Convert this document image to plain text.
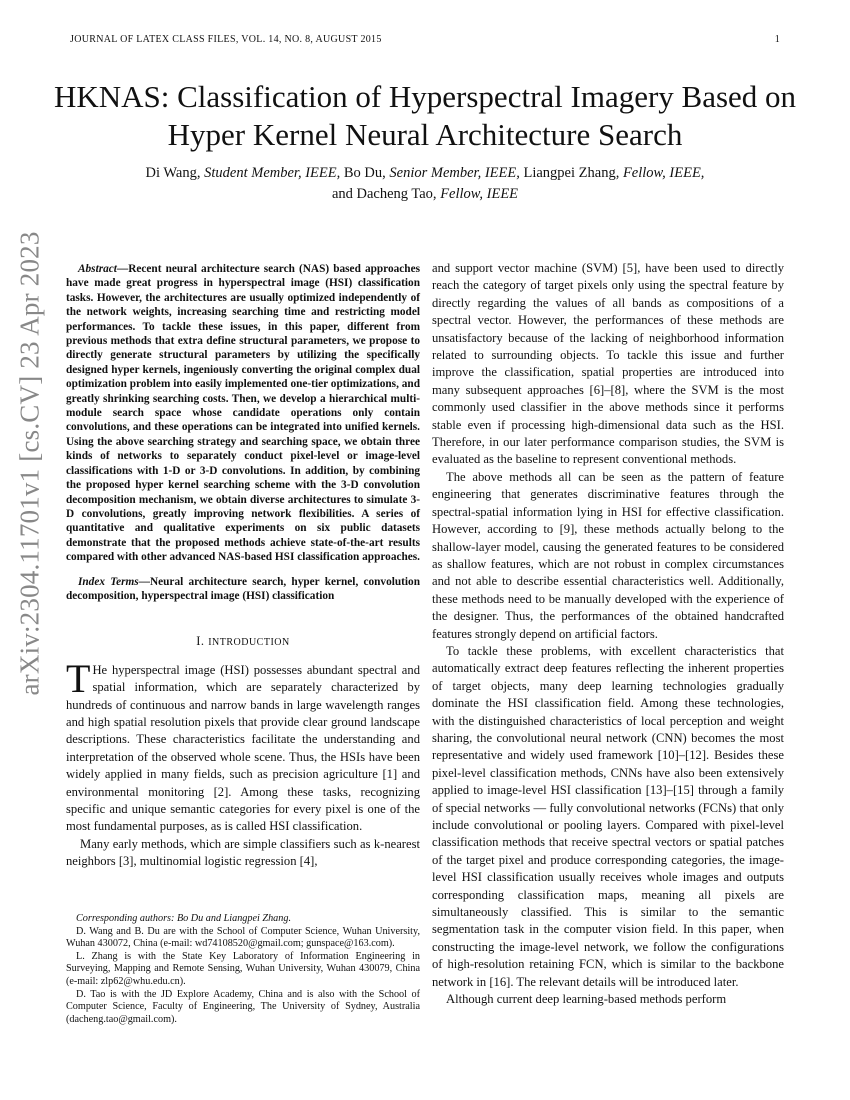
JOURNAL OF LATEX CLASS FILES, VOL. 14, NO. 8, AUGUST 2015	1
HKNAS: Classification of Hyperspectral Imagery Based on Hyper Kernel Neural Architecture Search
Di Wang, Student Member, IEEE, Bo Du, Senior Member, IEEE, Liangpei Zhang, Fellow, IEEE,
and Dacheng Tao, Fellow, IEEE
arXiv:2304.11701v1 [cs.CV] 23 Apr 2023	Abstract—Recent neural architecture search (NAS) based approaches have made great progress in hyperspectral image (HSI) classification tasks. However, the architectures are usually optimized independently of the network weights, increasing searching time and restricting model performances. To tackle these issues, in this paper, different from previous methods that extra define structural parameters, we propose to directly generate structural parameters by utilizing the specifically designed hyper kernels, ingeniously converting the original complex dual optimization problem into easily implemented one-tier optimizations, and greatly shrinking searching costs. Then, we develop a hierarchical multi-module search space whose candidate operations only contain convolutions, and these operations can be integrated into unified kernels. Using the above searching strategy and searching space, we obtain three kinds of networks to separately conduct pixel-level or image-level classifications with 1-D or 3-D convolutions. In addition, by combining the proposed hyper kernel searching scheme with the 3-D convolution decomposition mechanism, we obtain diverse architectures to simulate 3-D convolutions, greatly improving network flexibilities. A series of quantitative and qualitative experiments on six public datasets demonstrate that the proposed methods achieve state-of-the-art results compared with other advanced NAS-based HSI classification approaches.

Index Terms—Neural architecture search, hyper kernel, convolution decomposition, hyperspectral image (HSI) classification

I. INTRODUCTION

T He hyperspectral image (HSI) possesses abundant spectral and spatial information, which are separately characterized by hundreds of continuous and narrow bands in large wavelength ranges and high spatial resolution pixels that provide clear ground landscape descriptions. These characteristics facilitate the understanding and interpretation of the observed whole scene. Thus, the HSIs have been widely applied in many fields, such as precision agriculture [1] and environmental monitoring [2]. Among these tasks, recognizing specific and unique semantic categories for every pixel is one of the most fundamental purposes, as is called HSI classification.

Many early methods, which are simple classifiers such as k-nearest neighbors [3], multinomial logistic regression [4],

Corresponding authors: Bo Du and Liangpei Zhang.

D. Wang and B. Du are with the School of Computer Science, Wuhan University, Wuhan 430072, China (e-mail: wd74108520@gmail.com; gunspace@163.com).

L. Zhang is with the State Key Laboratory of Information Engineering in Surveying, Mapping and Remote Sensing, Wuhan University, Wuhan 430079, China (e-mail: zlp62@whu.edu.cn).

D. Tao is with the JD Explore Academy, China and is also with the School of Computer Science, Faculty of Engineering, The University of Sydney, Australia (dacheng.tao@gmail.com).

and support vector machine (SVM) [5], have been used to directly reach the category of target pixels only using the spectral feature by directly regarding the values of all bands as compositions of a spectral vector. However, the performances of these methods are unsatisfactory because of the lacking of neighborhood information related to surrounding objects. To tackle this issue and further improve the classification, spatial properties are introduced into many subsequent approaches [6]–[8], where the SVM is the most commonly used classifier in the above methods since it performs stable even if processing high-dimensional data such as the HSI. Therefore, in our later performance comparison studies, the SVM is evaluated as the baseline to represent conventional methods.

The above methods all can be seen as the pattern of feature engineering that generates discriminative features through the spectral-spatial information lying in HSI for effective classification. However, according to [9], these methods actually belong to the shallow-layer model, causing the generated features to be considered as shallow features, which are not robust in complex circumstances and not able to describe essential characteristics well. Additionally, these methods need to be manually developed with the experience of the designer. Thus, the performances of the obtained handcrafted features strongly depend on artificial factors.

To tackle these problems, with excellent characteristics that automatically extract deep features reflecting the inherent properties of target objects, many deep learning technologies gradually dominate the HSI classification field. Among these technologies, with the distinguished characteristics of local perception and weight sharing, the convolutional neural network (CNN) becomes the most representative and widely used framework [10]–[12]. Besides these pixel-level classification methods, CNNs have also been extensively applied to image-level HSI classification [13]–[15] through a family of special networks — fully convolutional networks (FCNs) that only include convolutional or pooling layers. Compared with pixel-level classification methods that receive spectral vectors or spatial patches of the target pixel and produce corresponding categories, the image-level HSI classification usually receives whole images and outputs corresponding classification maps, meaning all pixels are simultaneously classified. This is similar to the semantic segmentation task in the computer vision field. In this paper, when constructing the image-level network, we follow the configurations of high-resolution retaining FCN, which is similar to the backbone network in [16]. The relevant details will be introduced later.

Although current deep learning-based methods perform
